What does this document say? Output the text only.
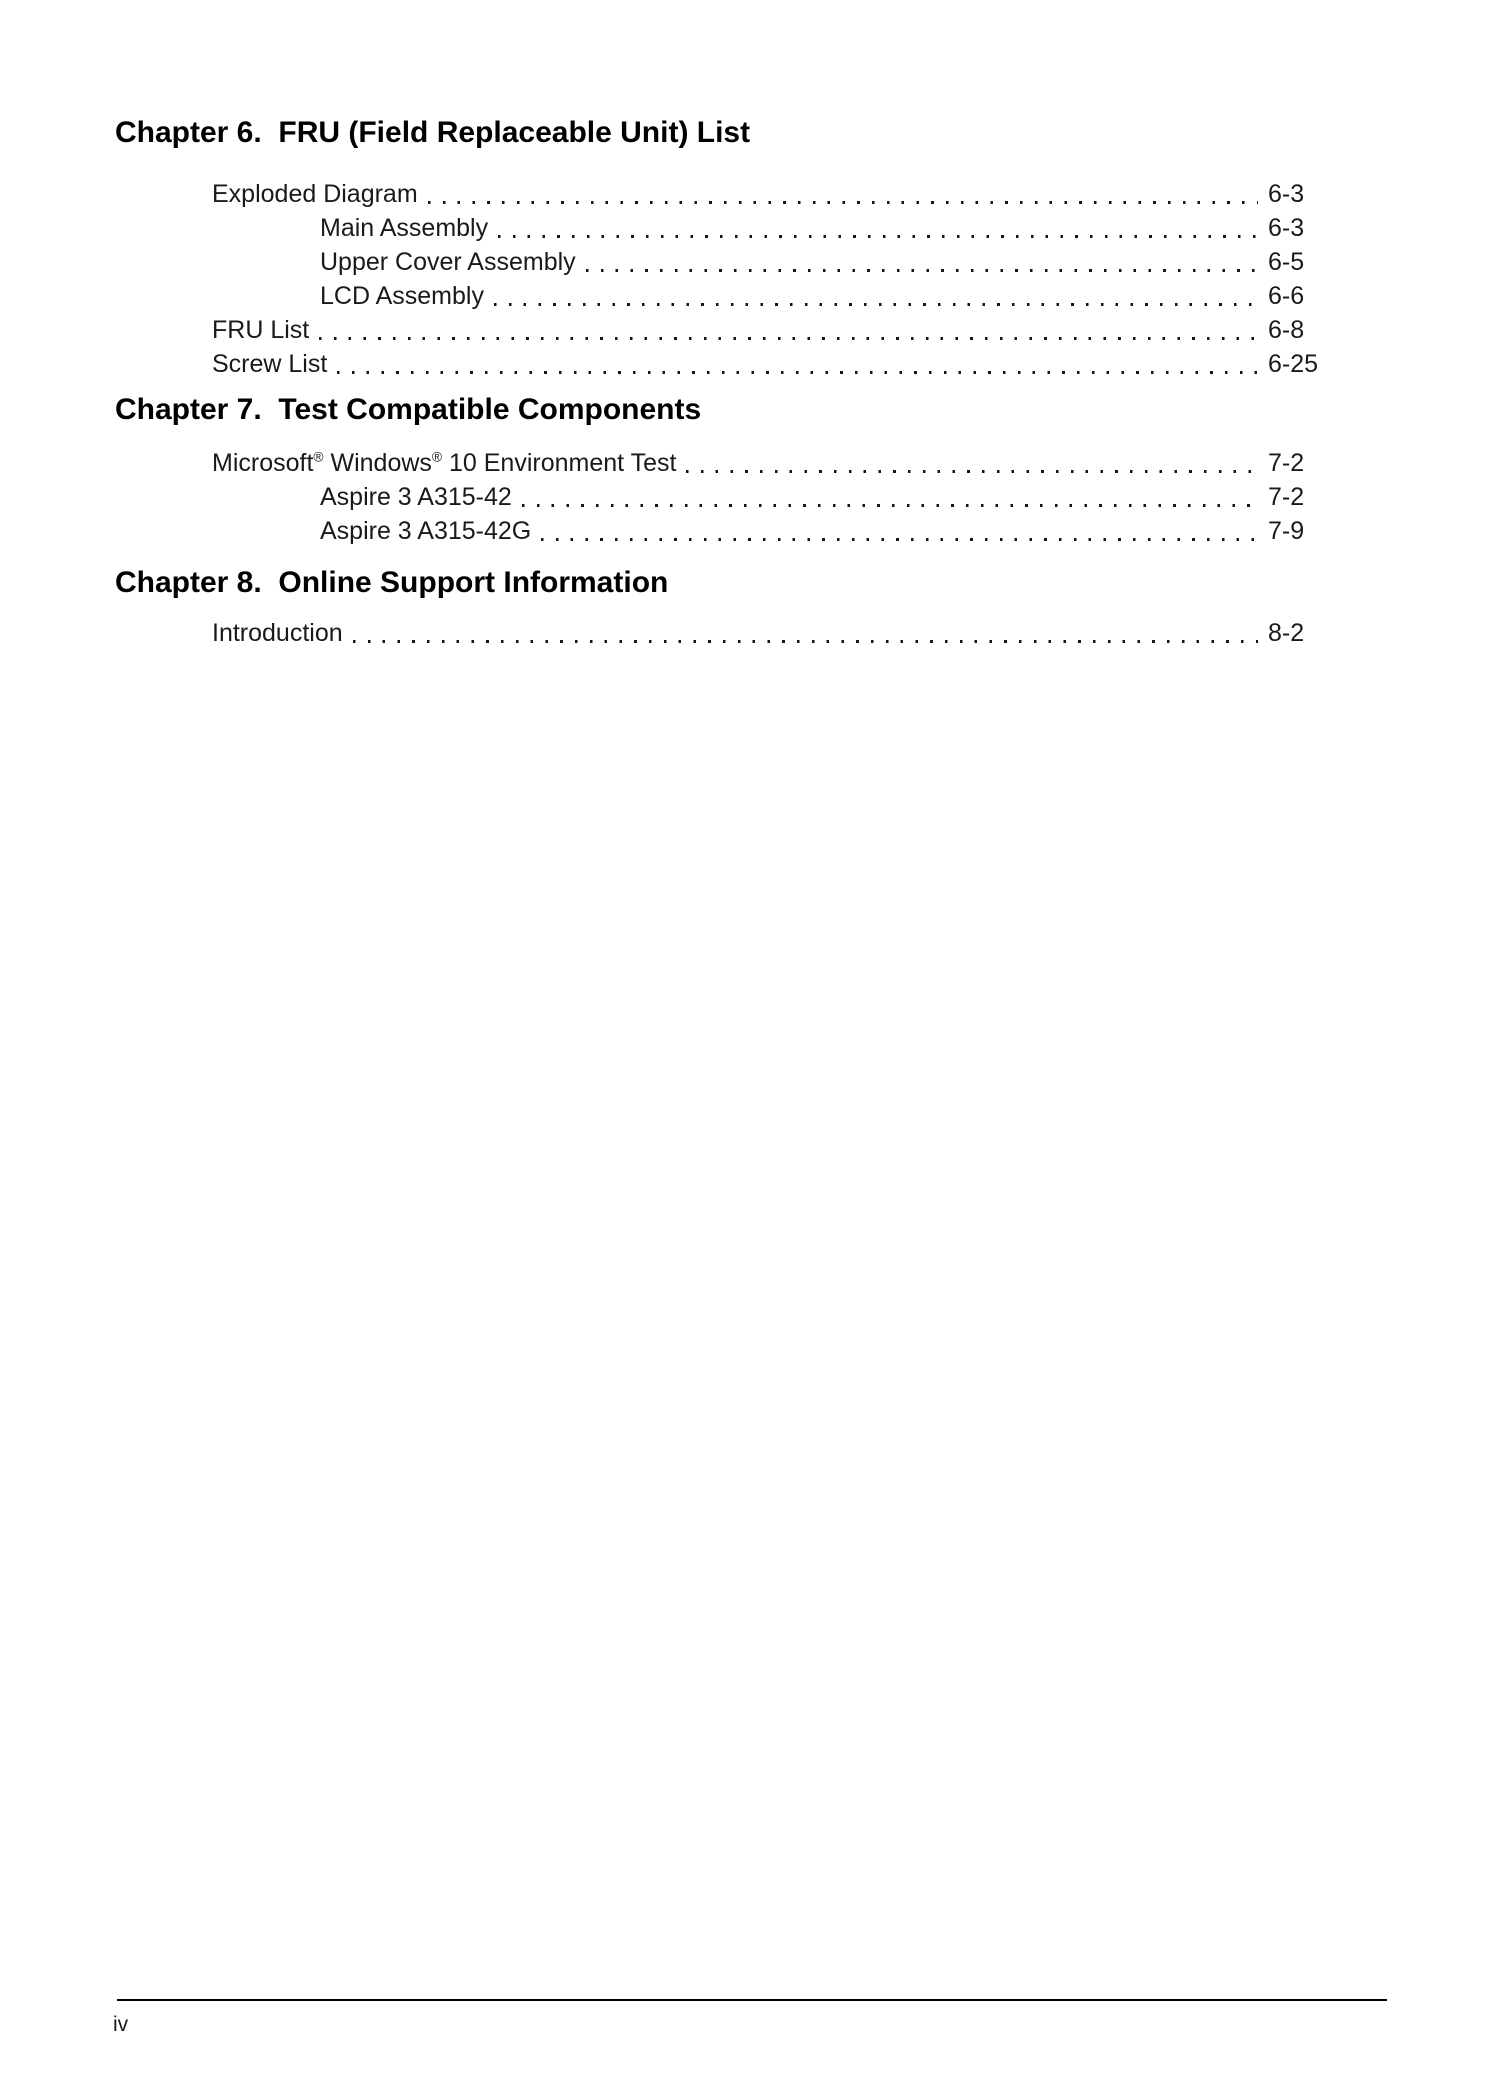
Chapter 6.  FRU (Field Replaceable Unit) List
Exploded Diagram	6-3
Main Assembly	6-3
Upper Cover Assembly	6-5
LCD Assembly	6-6
FRU List	6-8
Screw List	6-25
Chapter 7.  Test Compatible Components
Microsoft® Windows® 10 Environment Test	7-2
Aspire 3 A315-42	7-2
Aspire 3 A315-42G	7-9
Chapter 8.  Online Support Information
Introduction	8-2
iv
